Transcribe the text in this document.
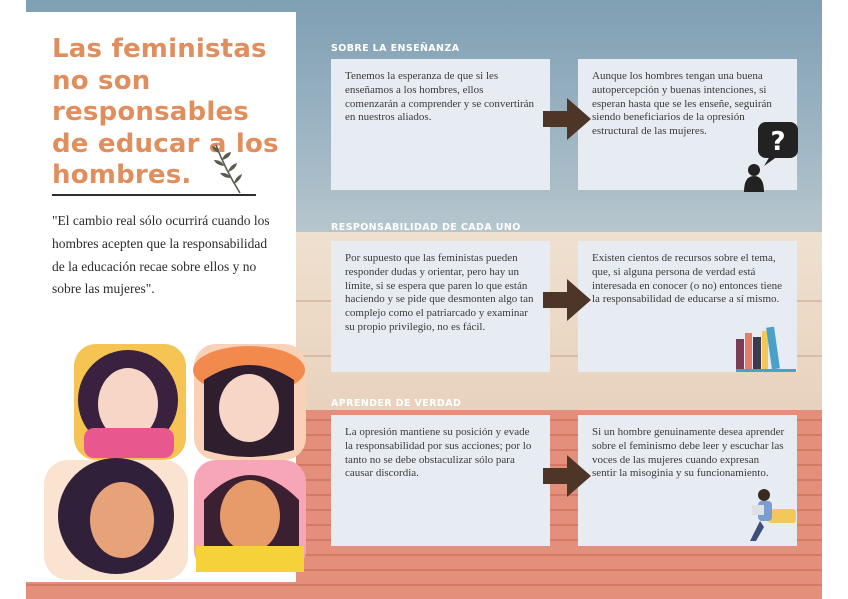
Las feministas no son responsables de educar a los hombres.

"El cambio real sólo ocurrirá cuando los hombres acepten que la responsabilidad de la educación recae sobre ellos y no sobre las mujeres".

SOBRE LA ENSEÑANZA
Tenemos la esperanza de que si les enseñamos a los hombres, ellos comenzarán a comprender y se convertirán en nuestros aliados.
Aunque los hombres tengan una buena autopercepción y buenas intenciones, si esperan hasta que se les enseñe, seguirán siendo beneficiarios de la opresión estructural de las mujeres.
RESPONSABILIDAD DE CADA UNO
Por supuesto que las feministas pueden responder dudas y orientar, pero hay un límite, si se espera que paren lo que están haciendo y se pide que desmonten algo tan complejo como el patriarcado y examinar su propio privilegio, no es fácil.
Existen cientos de recursos sobre el tema, que, si alguna persona de verdad está interesada en conocer (o no) entonces tiene la responsabilidad de educarse a sí mismo.
APRENDER DE VERDAD
La opresión mantiene su posición y evade la responsabilidad por sus acciones; por lo tanto no se debe obstaculizar sólo para causar discordia.
Si un hombre genuinamente desea aprender sobre el feminismo debe leer y escuchar las voces de las mujeres cuando expresan sentir la misoginia y su funcionamiento.
?
